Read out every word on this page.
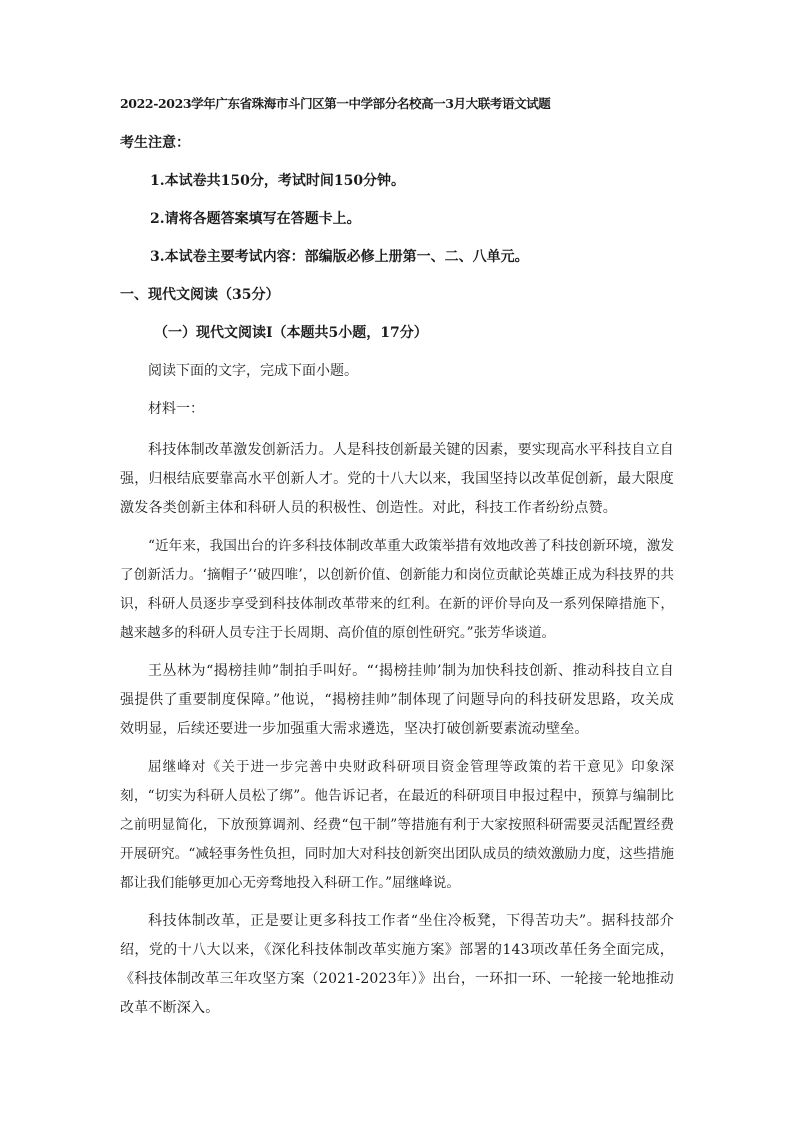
2022-2023学年广东省珠海市斗门区第一中学部分名校高一3月大联考语文试题
考生注意：
1.本试卷共150分，考试时间150分钟。
2.请将各题答案填写在答题卡上。
3.本试卷主要考试内容：部编版必修上册第一、二、八单元。
一、现代文阅读（35分）
（一）现代文阅读Ⅰ（本题共5小题，17分）
阅读下面的文字，完成下面小题。
材料一：

科技体制改革激发创新活力。人是科技创新最关键的因素，要实现高水平科技自立自强，归根结底要靠高水平创新人才。党的十八大以来，我国坚持以改革促创新，最大限度激发各类创新主体和科研人员的积极性、创造性。对此，科技工作者纷纷点赞。

“近年来，我国出台的许多科技体制改革重大政策举措有效地改善了科技创新环境，激发了创新活力。‘摘帽子’‘破四唯’，以创新价值、创新能力和岗位贡献论英雄正成为科技界的共识，科研人员逐步享受到科技体制改革带来的红利。在新的评价导向及一系列保障措施下，越来越多的科研人员专注于长周期、高价值的原创性研究。”张芳华谈道。

王丛林为“揭榜挂帅”制拍手叫好。“‘揭榜挂帅’制为加快科技创新、推动科技自立自强提供了重要制度保障。”他说，“揭榜挂帅”制体现了问题导向的科技研发思路，攻关成效明显，后续还要进一步加强重大需求遴选，坚决打破创新要素流动壁垒。

屈继峰对《关于进一步完善中央财政科研项目资金管理等政策的若干意见》印象深刻，“切实为科研人员松了绑”。他告诉记者，在最近的科研项目申报过程中，预算与编制比之前明显简化，下放预算调剂、经费“包干制”等措施有利于大家按照科研需要灵活配置经费开展研究。“减轻事务性负担，同时加大对科技创新突出团队成员的绩效激励力度，这些措施都让我们能够更加心无旁骛地投入科研工作。”屈继峰说。

科技体制改革，正是要让更多科技工作者“坐住冷板凳，下得苦功夫”。据科技部介绍，党的十八大以来，《深化科技体制改革实施方案》部署的143项改革任务全面完成，《科技体制改革三年攻坚方案（2021-2023年）》出台，一环扣一环、一轮接一轮地推动改革不断深入。
